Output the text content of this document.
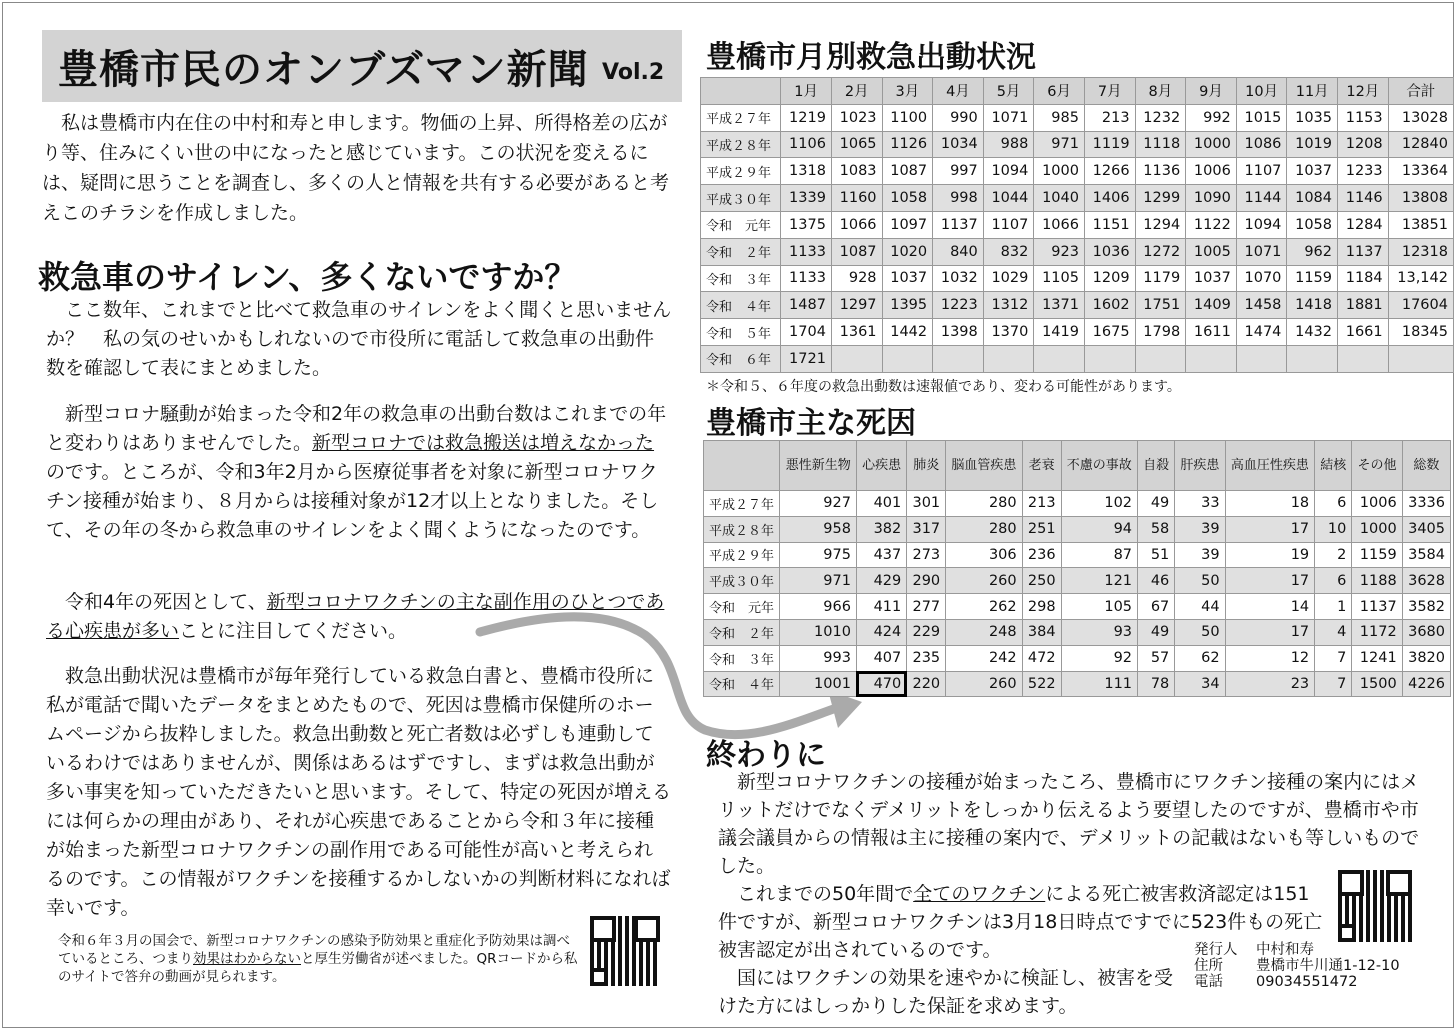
豊橋市民のオンブズマン新聞 Vol.2

私は豊橋市内在住の中村和寿と申します。物価の上昇、所得格差の広がり等、住みにくい世の中になったと感じています。この状況を変えるには、疑問に思うことを調査し、多くの人と情報を共有する必要があると考えこのチラシを作成しました。

救急車のサイレン、多くないですか？

ここ数年、これまでと比べて救急車のサイレンをよく聞くと思いませんか？　私の気のせいかもしれないので市役所に電話して救急車の出動件数を確認して表にまとめました。

新型コロナ騒動が始まった令和2年の救急車の出動台数はこれまでの年と変わりはありませんでした。新型コロナでは救急搬送は増えなかったのです。ところが、令和3年2月から医療従事者を対象に新型コロナワクチン接種が始まり、８月からは接種対象が12才以上となりました。そして、その年の冬から救急車のサイレンをよく聞くようになったのです。

令和4年の死因として、新型コロナワクチンの主な副作用のひとつである心疾患が多いことに注目してください。

救急出動状況は豊橋市が毎年発行している救急白書と、豊橋市役所に私が電話で聞いたデータをまとめたもので、死因は豊橋市保健所のホームページから抜粋しました。救急出動数と死亡者数は必ずしも連動しているわけではありませんが、関係はあるはずですし、まずは救急出動が多い事実を知っていただきたいと思います。そして、特定の死因が増えるには何らかの理由があり、それが心疾患であることから令和３年に接種が始まった新型コロナワクチンの副作用である可能性が高いと考えられるのです。この情報がワクチンを接種するかしないかの判断材料になれば幸いです。

令和６年３月の国会で、新型コロナワクチンの感染予防効果と重症化予防効果は調べているところ、つまり効果はわからないと厚生労働省が述べました。QRコードから私のサイトで答弁の動画が見られます。

豊橋市月別救急出動状況
	1月	2月	3月	4月	5月	6月	7月	8月	9月	10月	11月	12月	合計
平成２７年	1219	1023	1100	990	1071	985	213	1232	992	1015	1035	1153	13028
平成２８年	1106	1065	1126	1034	988	971	1119	1118	1000	1086	1019	1208	12840
平成２９年	1318	1083	1087	997	1094	1000	1266	1136	1006	1107	1037	1233	13364
平成３０年	1339	1160	1058	998	1044	1040	1406	1299	1090	1144	1084	1146	13808
令和　元年	1375	1066	1097	1137	1107	1066	1151	1294	1122	1094	1058	1284	13851
令和　２年	1133	1087	1020	840	832	923	1036	1272	1005	1071	962	1137	12318
令和　３年	1133	928	1037	1032	1029	1105	1209	1179	1037	1070	1159	1184	13,142
令和　４年	1487	1297	1395	1223	1312	1371	1602	1751	1409	1458	1418	1881	17604
令和　５年	1704	1361	1442	1398	1370	1419	1675	1798	1611	1474	1432	1661	18345
令和　６年	1721												
＊令和５、６年度の救急出動数は速報値であり、変わる可能性があります。
豊橋市主な死因
	悪性新生物	心疾患	肺炎	脳血管疾患	老衰	不慮の事故	自殺	肝疾患	高血圧性疾患	結核	その他	総数
平成２７年	927	401	301	280	213	102	49	33	18	6	1006	3336
平成２８年	958	382	317	280	251	94	58	39	17	10	1000	3405
平成２９年	975	437	273	306	236	87	51	39	19	2	1159	3584
平成３０年	971	429	290	260	250	121	46	50	17	6	1188	3628
令和　元年	966	411	277	262	298	105	67	44	14	1	1137	3582
令和　２年	1010	424	229	248	384	93	49	50	17	4	1172	3680
令和　３年	993	407	235	242	472	92	57	62	12	7	1241	3820
令和　４年	1001	470	220	260	522	111	78	34	23	7	1500	4226
終わりに

新型コロナワクチンの接種が始まったころ、豊橋市にワクチン接種の案内にはメリットだけでなくデメリットをしっかり伝えるよう要望したのですが、豊橋市や市議会議員からの情報は主に接種の案内で、デメリットの記載はないも等しいものでした。

これまでの50年間で全てのワクチンによる死亡被害救済認定は151件ですが、新型コロナワクチンは3月18日時点ですでに523件もの死亡被害認定が出されているのです。

国にはワクチンの効果を速やかに検証し、被害を受けた方にはしっかりした保証を求めます。

発行人	中村和寿
住所	豊橋市牛川通1-12-10
電話	09034551472
